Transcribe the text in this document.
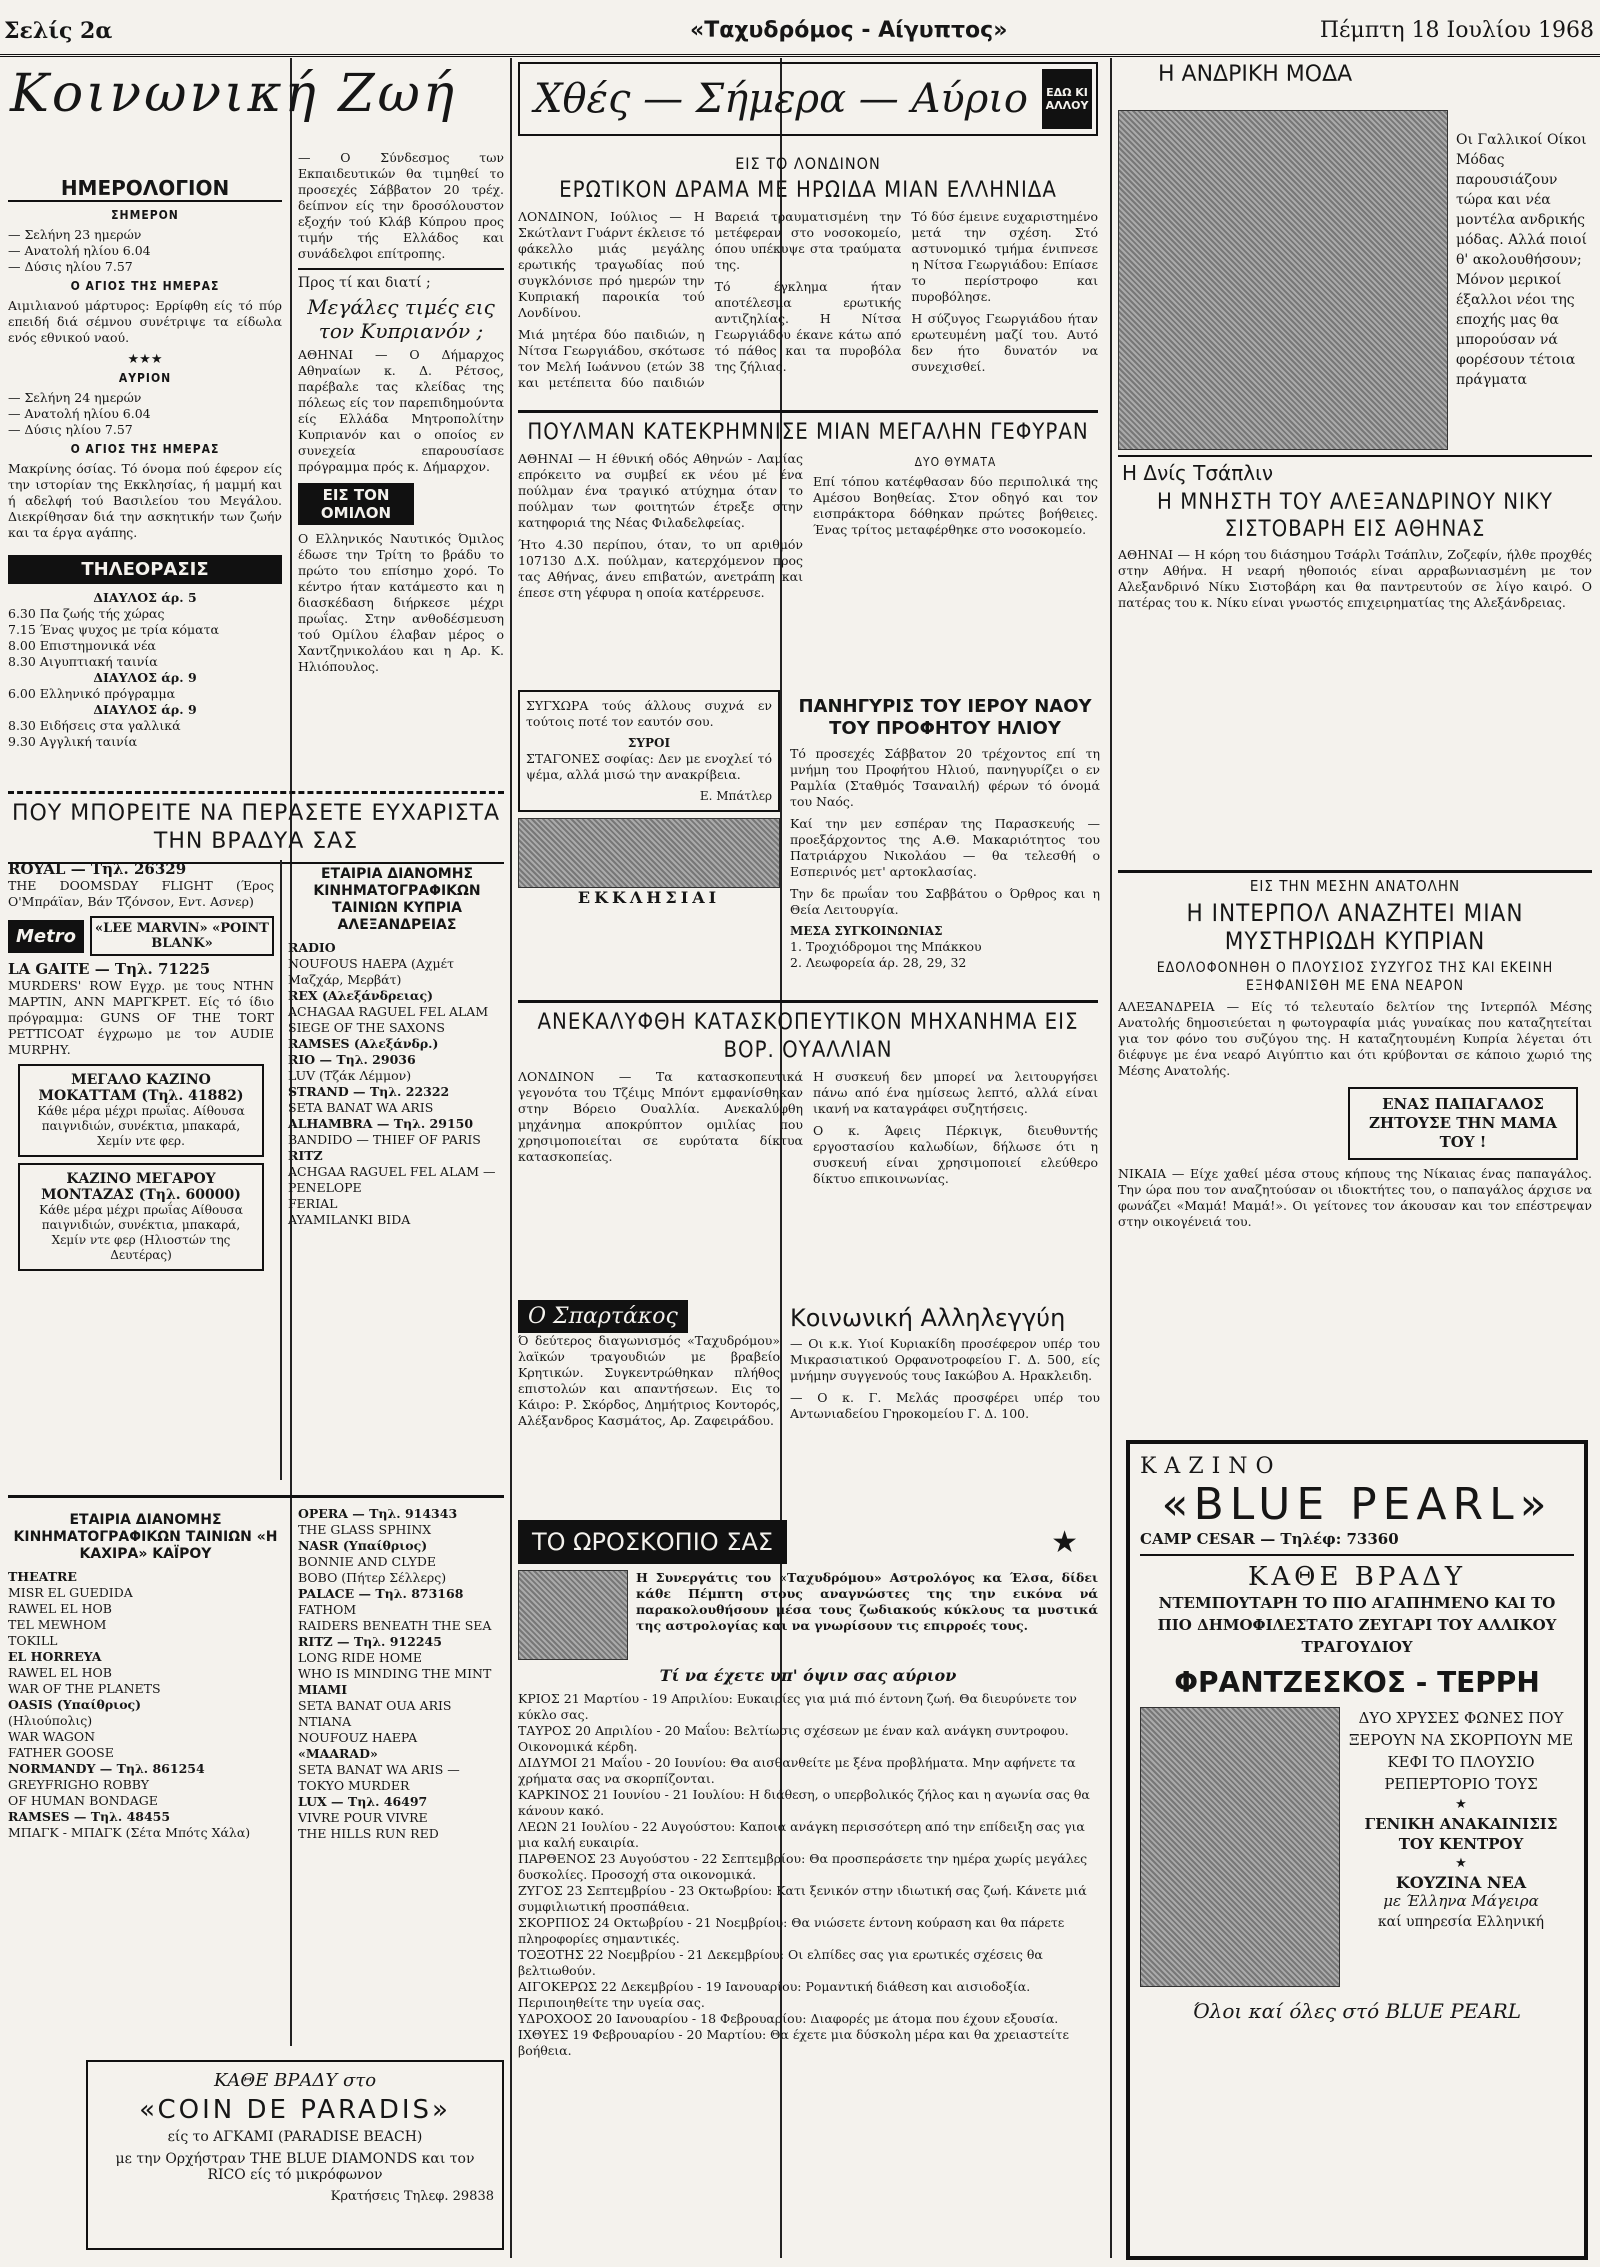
Σελίς 2α	«Ταχυδρόμος - Αίγυπτος»	Πέμπτη 18 Ιουλίου 1968
Κοινωνική Ζωή
ΗΜΕΡΟΛΟΓΙΟΝ
ΣΗΜΕΡΟΝ
— Σελήνη 23 ημερών
— Ανατολή ηλίου 6.04
— Δύσις ηλίου 7.57
Ο ΑΓΙΟΣ ΤΗΣ ΗΜΕΡΑΣ

Αιμιλιανού μάρτυρος: Ερρίφθη είς τό πύρ επειδή διά σέμνου συνέτριψε τα είδωλα ενός εθνικού ναού.

★★★
ΑΥΡΙΟΝ
— Σελήνη 24 ημερών
— Ανατολή ηλίου 6.04
— Δύσις ηλίου 7.57
Ο ΑΓΙΟΣ ΤΗΣ ΗΜΕΡΑΣ

Μακρίνης όσίας. Τό όνομα πού έφερον είς την ιστορίαν της Εκκλησίας, ή μαμμή και ή αδελφή τού Βασιλείου του Μεγάλου. Διεκρίθησαν διά την ασκητικήν των ζωήν και τα έργα αγάπης.

ΤΗΛΕΟΡΑΣΙΣ
ΔΙΑΥΛΟΣ άρ. 5
6.30 Πα ζωής τής χώρας
7.15 Ένας ψυχος με τρία κόματα
8.00 Επιστημονικά νέα
8.30 Αιγυπτιακή ταινία
ΔΙΑΥΛΟΣ άρ. 9
6.00 Ελληνικό πρόγραμμα
ΔΙΑΥΛΟΣ άρ. 9
8.30 Ειδήσεις στα γαλλικά
9.30 Αγγλική ταινία

— Ο Σύνδεσμος των Εκπαιδευτικών θα τιμηθεί το προσεχές Σάββατον 20 τρέχ. δείπνον είς την δροσόλουστον εξοχήν τού Κλάβ Κύπρου προς τιμήν τής Ελλάδος και συνάδελφοι επίτροπης.

Προς τί και διατί ;
Μεγάλες τιμές εις τον Κυπριανόν ;

ΑΘΗΝΑΙ — Ο Δήμαρχος Αθηναίων κ. Δ. Ρέτσος, παρέβαλε τας κλείδας της πόλεως είς τον παρεπιδημούντα είς Ελλάδα Μητροπολίτην Κυπριανόν και ο οποίος εν συνεχεία επαρουσίασε πρόγραμμα πρός κ. Δήμαρχον.

ΕΙΣ ΤΟΝ ΟΜΙΛΟΝ

Ο Ελληνικός Ναυτικός Όμιλος έδωσε την Τρίτη το βράδυ το πρώτο του επίσημο χορό. Το κέντρο ήταν κατάμεστο και η διασκέδαση διήρκεσε μέχρι πρωΐας. Στην ανθοδέσμευση τού Ομίλου έλαβαν μέρος ο Χαντζηνικολάου και η Αρ. Κ. Ηλιόπουλος.

ΠΟΥ ΜΠΟΡΕΙΤΕ ΝΑ ΠΕΡΑΣΕΤΕ ΕΥΧΑΡΙΣΤΑ ΤΗΝ ΒΡΑΔΥΑ ΣΑΣ
ROYAL — Τηλ. 26329

THE DOOMSDAY FLIGHT (Έρος Ο'Μπράϊαν, Βάν Τζόνσον, Εντ. Ασνερ)

Metro	«LEE MARVIN» «POINT BLANK»
LA GAITE — Τηλ. 71225

MURDERS' ROW Εγχρ. με τους ΝΤΗΝ ΜΑΡΤΙΝ, ΑΝΝ ΜΑΡΓΚΡΕΤ. Είς τό ίδιο πρόγραμμα: GUNS OF THE TORT PETTICOAT έγχρωμο με τον AUDIE MURPHY.

ΜΕΓΑΛΟ ΚΑΖΙΝΟ ΜΟΚΑΤΤΑΜ (Τηλ. 41882)
Κάθε μέρα μέχρι πρωΐας. Αίθουσα παιγνιδιών, συνέκτια, μπακαρά, Χεμίν ντε φερ.
ΚΑΖΙΝΟ ΜΕΓΑΡΟΥ ΜΟΝΤΑΖΑΣ (Τηλ. 60000)
Κάθε μέρα μέχρι πρωΐας Αίθουσα παιγνιδιών, συνέκτια, μπακαρά, Χεμίν ντε φερ (Ηλιοστών της Δευτέρας)
ΕΤΑΙΡΙΑ ΔΙΑΝΟΜΗΣ ΚΙΝΗΜΑΤΟΓΡΑΦΙΚΩΝ ΤΑΙΝΙΩΝ ΚΥΠΡΙΑ ΑΛΕΞΑΝΔΡΕΙΑΣ
RADIO
NOUFOUS HAEPA (Αχμέτ Μαζχάρ, Μερβάτ)
REX (Αλεξάνδρειας)
ACHAGAA RAGUEL FEL ALAM
SIEGE OF THE SAXONS
RAMSES (Αλεξάνδρ.)
RIO — Τηλ. 29036
LUV (Τζάκ Λέμμον)
STRAND — Τηλ. 22322
SETA BANAT WA ARIS
ALHAMBRA — Τηλ. 29150
BANDIDO — THIEF OF PARIS
RITZ
ACHGAA RAGUEL FEL ALAM — PENELOPE
FERIAL
AYAMILANKI BIDA
ΕΤΑΙΡΙΑ ΔΙΑΝΟΜΗΣ ΚΙΝΗΜΑΤΟΓΡΑΦΙΚΩΝ ΤΑΙΝΙΩΝ «Η ΚΑΧΙΡΑ» ΚΑΪΡΟΥ
THEATRE
MISR EL GUEDIDA
RAWEL EL HOB
TEL MEWHOM
TOKILL
EL HORREYA
RAWEL EL HOB
WAR OF THE PLANETS
OASIS (Υπαίθριος)
(Ηλιούπολις)
WAR WAGON
FATHER GOOSE
NORMANDY — Τηλ. 861254
GREYFRIGHO ROBBY
OF HUMAN BONDAGE
RAMSES — Τηλ. 48455
ΜΠΑΓΚ - ΜΠΑΓΚ (Σέτα Μπότς Χάλα)
OPERA — Τηλ. 914343
THE GLASS SPHINX
NASR (Υπαίθριος)
BONNIE AND CLYDE
BOBO (Πήτερ Σέλλερς)
PALACE — Τηλ. 873168
FATHOM
RAIDERS BENEATH THE SEA
RITZ — Τηλ. 912245
LONG RIDE HOME
WHO IS MINDING THE MINT
MIAMI
SETA BANAT OUA ARIS
NTIANA
NOUFOUZ HAEPA
«MAARAD»
SETA BANAT WA ARIS — TOKYO MURDER
LUX — Τηλ. 46497
VIVRE POUR VIVRE
THE HILLS RUN RED
ΚΑΘΕ ΒΡΑΔΥ στο
«COIN DE PARADIS»
είς το ΑΓΚΑΜΙ (PARADISE BEACH)
με την Ορχήστραν THE BLUE DIAMONDS και τον RICO είς τό μικρόφωνον
Κρατήσεις Τηλεφ. 29838
Χθές — Σήμερα — Αύριο	ΕΔΩ ΚΙ ΑΛΛΟΥ
ΕΙΣ ΤΟ ΛΟΝΔΙΝΟΝ
ΕΡΩΤΙΚΟΝ ΔΡΑΜΑ ΜΕ ΗΡΩΙΔΑ ΜΙΑΝ ΕΛΛΗΝΙΔΑ

ΛΟΝΔΙΝΟΝ, Ιούλιος — Η Σκώτλαντ Γυάρντ έκλεισε τό φάκελλο μιάς μεγάλης ερωτικής τραγωδίας πού συγκλόνισε πρό ημερών την Κυπριακή παροικία τού Λονδίνου.

Μιά μητέρα δύο παιδιών, η Νίτσα Γεωργιάδου, σκότωσε τον Μελή Ιωάννου (ετών 38 και μετέπειτα δύο παιδιών

Βαρειά τραυματισμένη την μετέφεραν στο νοσοκομείο, όπου υπέκυψε στα τραύματα της.

Τό έγκλημα ήταν αποτέλεσμα ερωτικής αντιζηλίας. Η Νίτσα Γεωργιάδου έκανε κάτω από τό πάθος και τα πυροβόλα της ζήλιας.

Τό δύσ έμεινε ευχαριστημένο μετά την σχέση. Στό αστυνομικό τμήμα ένιπνεσε η Νίτσα Γεωργιάδου: Επίασε το περίστροφο και πυροβόλησε.

Η σύζυγος Γεωργιάδου ήταν ερωτευμένη μαζί του. Αυτό δεν ήτο δυνατόν να συνεχισθεί.

ΠΟΥΛΜΑΝ ΚΑΤΕΚΡΗΜΝΙΣΕ ΜΙΑΝ ΜΕΓΑΛΗΝ ΓΕΦΥΡΑΝ

ΑΘΗΝΑΙ — Η έθνική οδός Αθηνών - Λαμίας επρόκειτο να συμβεί εκ νέου μέ ένα πούλμαν ένα τραγικό ατύχημα όταν το πούλμαν των φοιτητών έτρεξε στην κατηφοριά της Νέας Φιλαδελφείας.

Ήτο 4.30 περίπου, όταν, το υπ αριθμόν 107130 Δ.Χ. πούλμαν, κατερχόμενον προς τας Αθήνας, άνευ επιβατών, ανετράπη και έπεσε στη γέφυρα η οποία κατέρρευσε.

ΔΥΟ ΘΥΜΑΤΑ

Επί τόπου κατέφθασαν δύο περιπολικά της Αμέσου Βοηθείας. Στον οδηγό και τον εισπράκτορα δόθηκαν πρώτες βοήθειες. Ένας τρίτος μεταφέρθηκε στο νοσοκομείο.

ΑΝΕΚΑΛΥΦΘΗ ΚΑΤΑΣΚΟΠΕΥΤΙΚΟΝ ΜΗΧΑΝΗΜΑ ΕΙΣ ΒΟΡ. ΟΥΑΛΛΙΑΝ

ΛΟΝΔΙΝΟΝ — Τα κατασκοπευτικά γεγονότα του Τζέιμς Μπόντ εμφανίσθηκαν στην Βόρειο Ουαλλία. Ανεκαλύφθη μηχάνημα αποκρύπτον ομιλίας που χρησιμοποιείται σε ευρύτατα δίκτυα κατασκοπείας.

Η συσκευή δεν μπορεί να λειτουργήσει πάνω από ένα ημίσεως λεπτό, αλλά είναι ικανή να καταγράφει συζητήσεις.

Ο κ. Άφεις Πέρκιγκ, διευθυντής εργοστασίου καλωδίων, δήλωσε ότι η συσκευή είναι χρησιμοποιεί ελεύθερο δίκτυο επικοινωνίας.

Κοινωνική Αλληλεγγύη

— Οι κ.κ. Υιοί Κυριακίδη προσέφερον υπέρ του Μικρασιατικού Ορφανοτροφείου Γ. Δ. 500, είς μνήμην συγγενούς τους Ιακώβου Α. Ηρακλειδη.

— Ο κ. Γ. Μελάς προσφέρει υπέρ του Αντωνιαδείου Γηροκομείου Γ. Δ. 100.

ΤΟ ΩΡΟΣΚΟΠΙΟ ΣΑΣ	★

Η Συνεργάτις του «Ταχυδρόμου» Αστρολόγος κα Έλσα, δίδει κάθε Πέμπτη στους αναγνώστες της την εικόνα νά παρακολουθήσουν μέσα τους ζωδιακούς κύκλους τα μυστικά της αστρολογίας και να γνωρίσουν τις επιρροές τους.

Τί να έχετε υπ' όψιν σας αύριον
ΚΡΙΟΣ 21 Μαρτίου - 19 Απριλίου: Ευκαιρίες για μιά πιό έντονη ζωή. Θα διευρύνετε τον κύκλο σας.
ΤΑΥΡΟΣ 20 Απριλίου - 20 Μαΐου: Βελτίωσις σχέσεων με έναν καλ ανάγκη συντροφου. Οικονομικά κέρδη.
ΔΙΔΥΜΟΙ 21 Μαΐου - 20 Ιουνίου: Θα αισθανθείτε με ξένα προβλήματα. Μην αφήνετε τα χρήματα σας να σκορπίζονται.
ΚΑΡΚΙΝΟΣ 21 Ιουνίου - 21 Ιουλίου: Η διάθεση, ο υπερβολικός ζήλος και η αγωνία σας θα κάνουν κακό.
ΛΕΩΝ 21 Ιουλίου - 22 Αυγούστου: Καποια ανάγκη περισσότερη από την επίδειξη σας για μια καλή ευκαιρία.
ΠΑΡΘΕΝΟΣ 23 Αυγούστου - 22 Σεπτεμβρίου: Θα προσπεράσετε την ημέρα χωρίς μεγάλες δυσκολίες. Προσοχή στα οικονομικά.
ΖΥΓΟΣ 23 Σεπτεμβρίου - 23 Οκτωβρίου: Κατι ξενικόν στην ιδιωτική σας ζωή. Κάνετε μιά συμφιλιωτική προσπάθεια.
ΣΚΟΡΠΙΟΣ 24 Οκτωβρίου - 21 Νοεμβρίου: Θα νιώσετε έντονη κούραση και θα πάρετε πληροφορίες σημαντικές.
ΤΟΞΟΤΗΣ 22 Νοεμβρίου - 21 Δεκεμβρίου: Οι ελπίδες σας για ερωτικές σχέσεις θα βελτιωθούν.
ΑΙΓΟΚΕΡΩΣ 22 Δεκεμβρίου - 19 Ιανουαρίου: Ρομαντική διάθεση και αισιοδοξία. Περιποιηθείτε την υγεία σας.
ΥΔΡΟΧΟΟΣ 20 Ιανουαρίου - 18 Φεβρουαρίου: Διαφορές με άτομα που έχουν εξουσία.
ΙΧΘΥΕΣ 19 Φεβρουαρίου - 20 Μαρτίου: Θα έχετε μια δύσκολη μέρα και θα χρειαστείτε βοήθεια.
ΠΑΝΗΓΥΡΙΣ ΤΟΥ ΙΕΡΟΥ ΝΑΟΥ ΤΟΥ ΠΡΟΦΗΤΟΥ ΗΛΙΟΥ

Τό προσεχές Σάββατον 20 τρέχοντος επί τη μνήμη του Προφήτου Ηλιού, πανηγυρίζει ο εν Ραμλία (Σταθμός Τσαναιλή) φέρων τό όνομά του Ναός.

Καί την μεν εσπέραν της Παρασκευής — προεξάρχοντος της Α.Θ. Μακαριότητος του Πατριάρχου Νικολάου — θα τελεσθή ο Εσπερινός μετ' αρτοκλασίας.

Την δε πρωΐαν του Σαββάτου ο Όρθρος και η Θεία Λειτουργία.

ΜΕΣΑ ΣΥΓΚΟΙΝΩΝΙΑΣ
1. Τροχιόδρομοι της Μπάκκου
2. Λεωφορεία άρ. 28, 29, 32
Η ΑΝΔΡΙΚΗ ΜΟΔΑ

Οι Γαλλικοί Οίκοι Μόδας παρουσιάζουν τώρα και νέα μοντέλα ανδρικής μόδας. Αλλά ποιοί θ' ακολουθήσουν; Μόνον μερικοί έξαλλοι νέοι της εποχής μας θα μπορούσαν νά φορέσουν τέτοια πράγματα

Η Δνίς Τσάπλιν
Η ΜΝΗΣΤΗ ΤΟΥ ΑΛΕΞΑΝΔΡΙΝΟΥ ΝΙΚΥ ΣΙΣΤΟΒΑΡΗ ΕΙΣ ΑΘΗΝΑΣ

ΑΘΗΝΑΙ — Η κόρη του διάσημου Τσάρλι Τσάπλιν, Ζοζεφίν, ήλθε προχθές στην Αθήνα. Η νεαρή ηθοποιός είναι αρραβωνιασμένη με τον Αλεξανδρινό Νίκυ Σιστοβάρη και θα παντρευτούν σε λίγο καιρό. Ο πατέρας του κ. Νίκυ είναι γνωστός επιχειρηματίας της Αλεξάνδρειας.

ΕΙΣ ΤΗΝ ΜΕΣΗΝ ΑΝΑΤΟΛΗΝ
Η ΙΝΤΕΡΠΟΛ ΑΝΑΖΗΤΕΙ ΜΙΑΝ ΜΥΣΤΗΡΙΩΔΗ ΚΥΠΡΙΑΝ
ΕΔΟΛΟΦΟΝΗΘΗ Ο ΠΛΟΥΣΙΟΣ ΣΥΖΥΓΟΣ ΤΗΣ ΚΑΙ ΕΚΕΙΝΗ ΕΞΗΦΑΝΙΣΘΗ ΜΕ ΕΝΑ ΝΕΑΡΟΝ

ΑΛΕΞΑΝΔΡΕΙΑ — Είς τό τελευταίο δελτίον της Ιντερπόλ Μέσης Ανατολής δημοσιεύεται η φωτογραφία μιάς γυναίκας που καταζητείται για τον φόνο του συζύγου της. Η καταζητουμένη Κυπρία λέγεται ότι διέφυγε με ένα νεαρό Αιγύπτιο και ότι κρύβονται σε κάποιο χωριό της Μέσης Ανατολής.

ΕΝΑΣ ΠΑΠΑΓΑΛΟΣ ΖΗΤΟΥΣΕ ΤΗΝ ΜΑΜΑ ΤΟΥ !

ΝΙΚΑΙΑ — Είχε χαθεί μέσα στους κήπους της Νίκαιας ένας παπαγάλος. Την ώρα που τον αναζητούσαν οι ιδιοκτήτες του, ο παπαγάλος άρχισε να φωνάζει «Μαμά! Μαμά!». Οι γείτονες τον άκουσαν και τον επέστρεψαν στην οικογένειά του.

ΚΑΖΙΝΟ
«BLUE PEARL»
CAMP CESAR — Τηλέφ: 73360
ΚΑΘΕ ΒΡΑΔΥ
ΝΤΕΜΠΟΥΤΑΡΗ ΤΟ ΠΙΟ ΑΓΑΠΗΜΕΝΟ ΚΑΙ ΤΟ ΠΙΟ ΔΗΜΟΦΙΛΕΣΤΑΤΟ ΖΕΥΓΑΡΙ ΤΟΥ ΑΛΛΙΚΟΥ ΤΡΑΓΟΥΔΙΟΥ
ΦΡΑΝΤΖΕΣΚΟΣ - ΤΕΡΡΗ
ΔΥΟ ΧΡΥΣΕΣ ΦΩΝΕΣ ΠΟΥ ΞΕΡΟΥΝ ΝΑ ΣΚΟΡΠΟΥΝ ΜΕ ΚΕΦΙ ΤΟ ΠΛΟΥΣΙΟ ΡΕΠΕΡΤΟΡΙΟ ΤΟΥΣ
★
ΓΕΝΙΚΗ ΑΝΑΚΑΙΝΙΣΙΣ ΤΟΥ ΚΕΝΤΡΟΥ
★
ΚΟΥΖΙΝΑ ΝΕΑ
με Έλληνα Μάγειρα
καί υπηρεσία Ελληνική
Όλοι καί όλες στό BLUE PEARL

ΣΥΓΧΩΡΑ τούς άλλους συχνά εν τούτοις ποτέ τον εαυτόν σου.

ΣΥΡΟΙ

ΣΤΑΓΟΝΕΣ σοφίας: Δεν με ενοχλεί τό ψέμα, αλλά μισώ την ανακρίβεια.

Ε. Μπάτλερ
ΕΚΚΛΗΣΙΑΙ
Ο Σπαρτάκος

Ό δεύτερος διαγωνισμός «Ταχυδρόμου» λαϊκών τραγουδιών με βραβείο Κρητικών. Συγκεντρώθηκαν πλήθος επιστολών και απαντήσεων. Εις το Κάιρο: Ρ. Σκόρδος, Δημήτριος Κοντορός, Αλέξανδρος Κασμάτος, Αρ. Ζαφειράδου.
